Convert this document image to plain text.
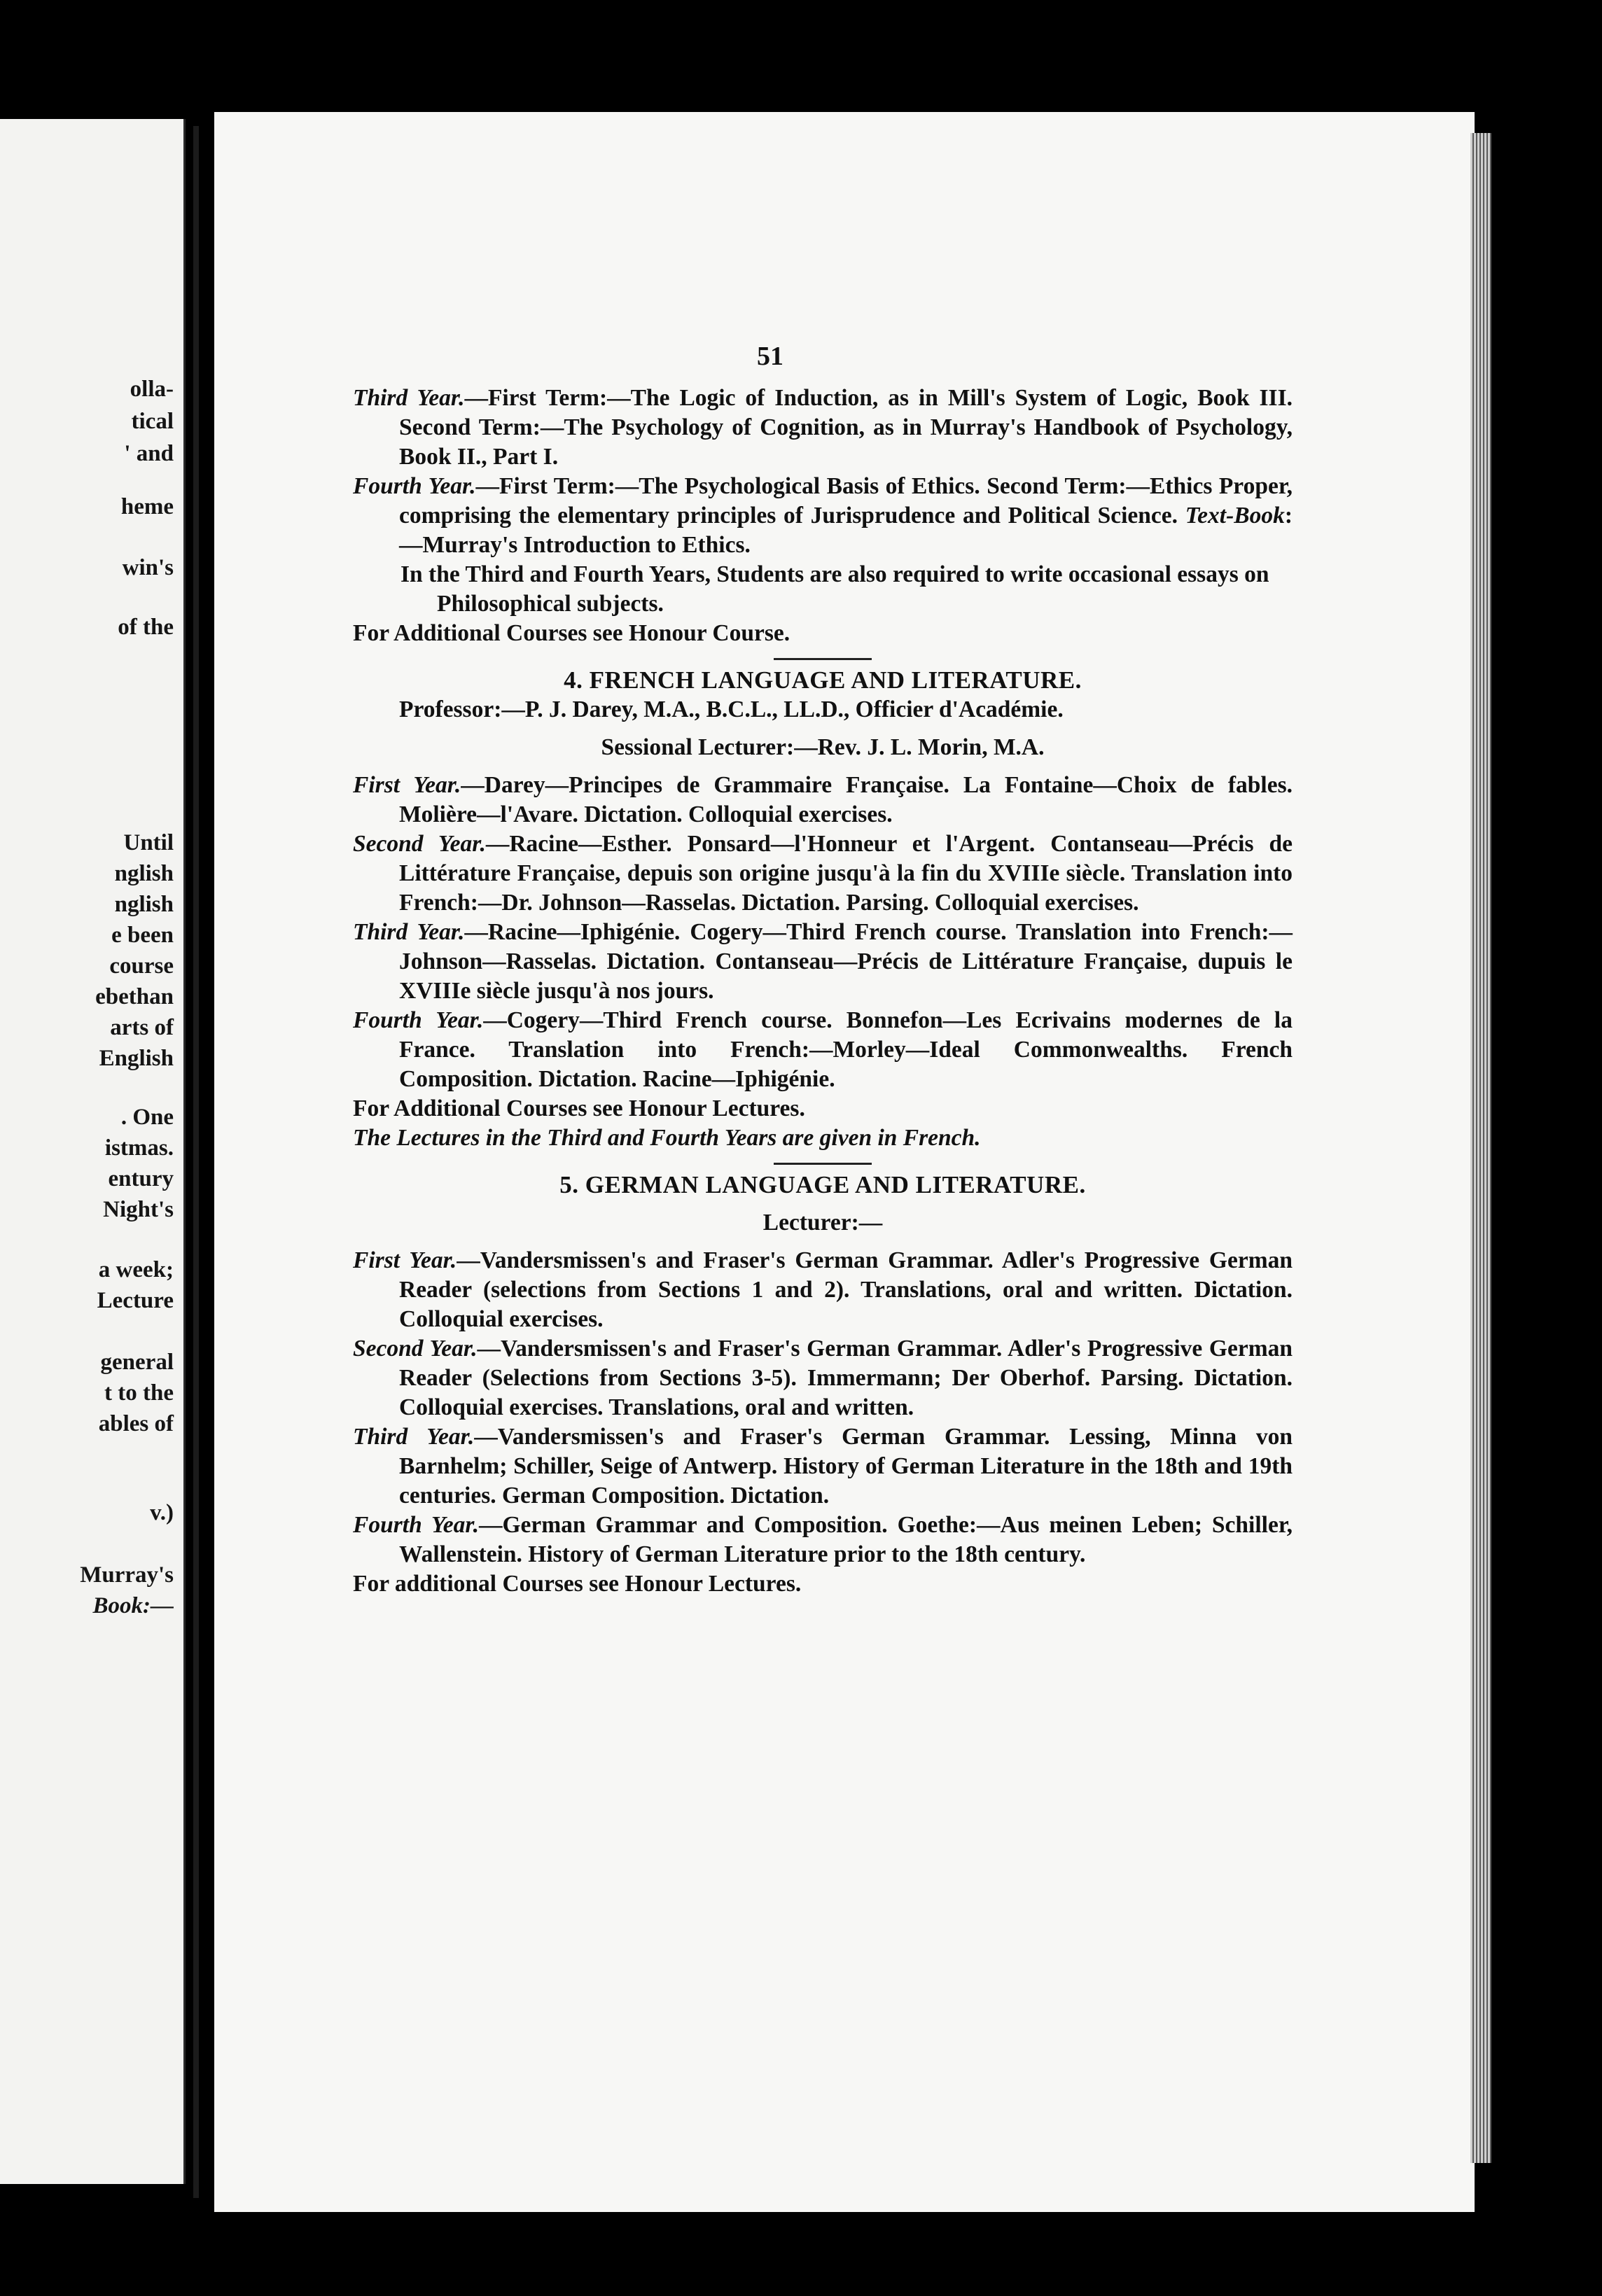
olla-
tical
' and
heme
win's
of the
Until
nglish
nglish
e been
course
ebethan
arts of
English
. One
istmas.
entury
Night's
a week;
Lecture
general
t to the
ables of
v.)
Murray's
Book:—
51
Third Year.—First Term:—The Logic of Induction, as in Mill's System of Logic, Book III. Second Term:—The Psychology of Cognition, as in Murray's Handbook of Psychology, Book II., Part I.
Fourth Year.—First Term:—The Psychological Basis of Ethics. Second Term:—Ethics Proper, comprising the elementary principles of Jurisprudence and Political Science. Text-Book:—Murray's Introduction to Ethics.
In the Third and Fourth Years, Students are also required to write occasional essays on Philosophical subjects.
For Additional Courses see Honour Course.
4. FRENCH LANGUAGE AND LITERATURE.
Professor:—P. J. Darey, M.A., B.C.L., LL.D., Officier d'Académie.
Sessional Lecturer:—Rev. J. L. Morin, M.A.
First Year.—Darey—Principes de Grammaire Française. La Fontaine—Choix de fables. Molière—l'Avare. Dictation. Colloquial exercises.
Second Year.—Racine—Esther. Ponsard—l'Honneur et l'Argent. Contanseau—Précis de Littérature Française, depuis son origine jusqu'à la fin du XVIIIe siècle. Translation into French:—Dr. Johnson—Rasselas. Dictation. Parsing. Colloquial exercises.
Third Year.—Racine—Iphigénie. Cogery—Third French course. Translation into French:—Johnson—Rasselas. Dictation. Contanseau—Précis de Littérature Française, dupuis le XVIIIe siècle jusqu'à nos jours.
Fourth Year.—Cogery—Third French course. Bonnefon—Les Ecrivains modernes de la France. Translation into French:—Morley—Ideal Commonwealths. French Composition. Dictation. Racine—Iphigénie.
For Additional Courses see Honour Lectures.
The Lectures in the Third and Fourth Years are given in French.
5. GERMAN LANGUAGE AND LITERATURE.
Lecturer:—
First Year.—Vandersmissen's and Fraser's German Grammar. Adler's Progressive German Reader (selections from Sections 1 and 2). Translations, oral and written. Dictation. Colloquial exercises.
Second Year.—Vandersmissen's and Fraser's German Grammar. Adler's Progressive German Reader (Selections from Sections 3-5). Immermann; Der Oberhof. Parsing. Dictation. Colloquial exercises. Translations, oral and written.
Third Year.—Vandersmissen's and Fraser's German Grammar. Lessing, Minna von Barnhelm; Schiller, Seige of Antwerp. History of German Literature in the 18th and 19th centuries. German Composition. Dictation.
Fourth Year.—German Grammar and Composition. Goethe:—Aus meinen Leben; Schiller, Wallenstein. History of German Literature prior to the 18th century.
For additional Courses see Honour Lectures.
